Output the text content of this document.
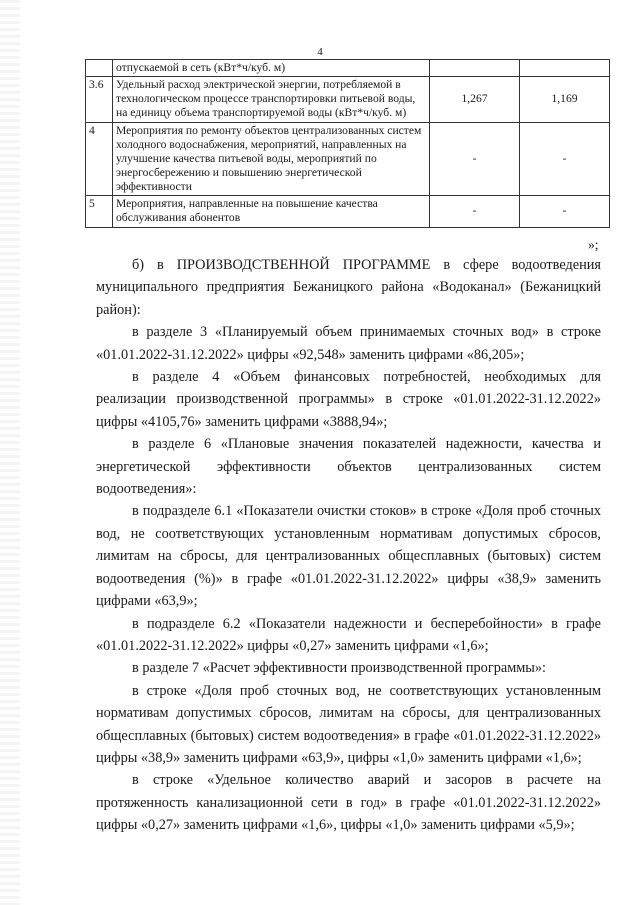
4
	отпускаемой в сеть (кВт*ч/куб. м)		
3.6	Удельный расход электрической энергии, потребляемой в технологическом процессе транспортировки питьевой воды, на единицу объема транспортируемой воды (кВт*ч/куб. м)	1,267	1,169
4	Мероприятия по ремонту объектов централизованных систем холодного водоснабжения, мероприятий, направленных на улучшение качества питьевой воды, мероприятий по энергосбережению и повышению энергетической эффективности	-	-
5	Мероприятия, направленные на повышение качества обслуживания абонентов	-	-
»;

б) в ПРОИЗВОДСТВЕННОЙ ПРОГРАММЕ в сфере водоотведения муниципального предприятия Бежаницкого района «Водоканал» (Бежаницкий район):

в разделе 3 «Планируемый объем принимаемых сточных вод» в строке «01.01.2022-31.12.2022» цифры «92,548» заменить цифрами «86,205»;

в разделе 4 «Объем финансовых потребностей, необходимых для реализации производственной программы» в строке «01.01.2022-31.12.2022» цифры «4105,76» заменить цифрами «3888,94»;

в разделе 6 «Плановые значения показателей надежности, качества и энергетической эффективности объектов централизованных систем водоотведения»:

в подразделе 6.1 «Показатели очистки стоков» в строке «Доля проб сточных вод, не соответствующих установленным нормативам допустимых сбросов, лимитам на сбросы, для централизованных общесплавных (бытовых) систем водоотведения (%)» в графе «01.01.2022-31.12.2022» цифры «38,9» заменить цифрами «63,9»;

в подразделе 6.2 «Показатели надежности и бесперебойности» в графе «01.01.2022-31.12.2022» цифры «0,27» заменить цифрами «1,6»;

в разделе 7 «Расчет эффективности производственной программы»:

в строке «Доля проб сточных вод, не соответствующих установленным нормативам допустимых сбросов, лимитам на сбросы, для централизованных общесплавных (бытовых) систем водоотведения» в графе «01.01.2022-31.12.2022» цифры «38,9» заменить цифрами «63,9», цифры «1,0» заменить цифрами «1,6»;

в строке «Удельное количество аварий и засоров в расчете на протяженность канализационной сети в год» в графе «01.01.2022-31.12.2022» цифры «0,27» заменить цифрами «1,6», цифры «1,0» заменить цифрами «5,9»;
